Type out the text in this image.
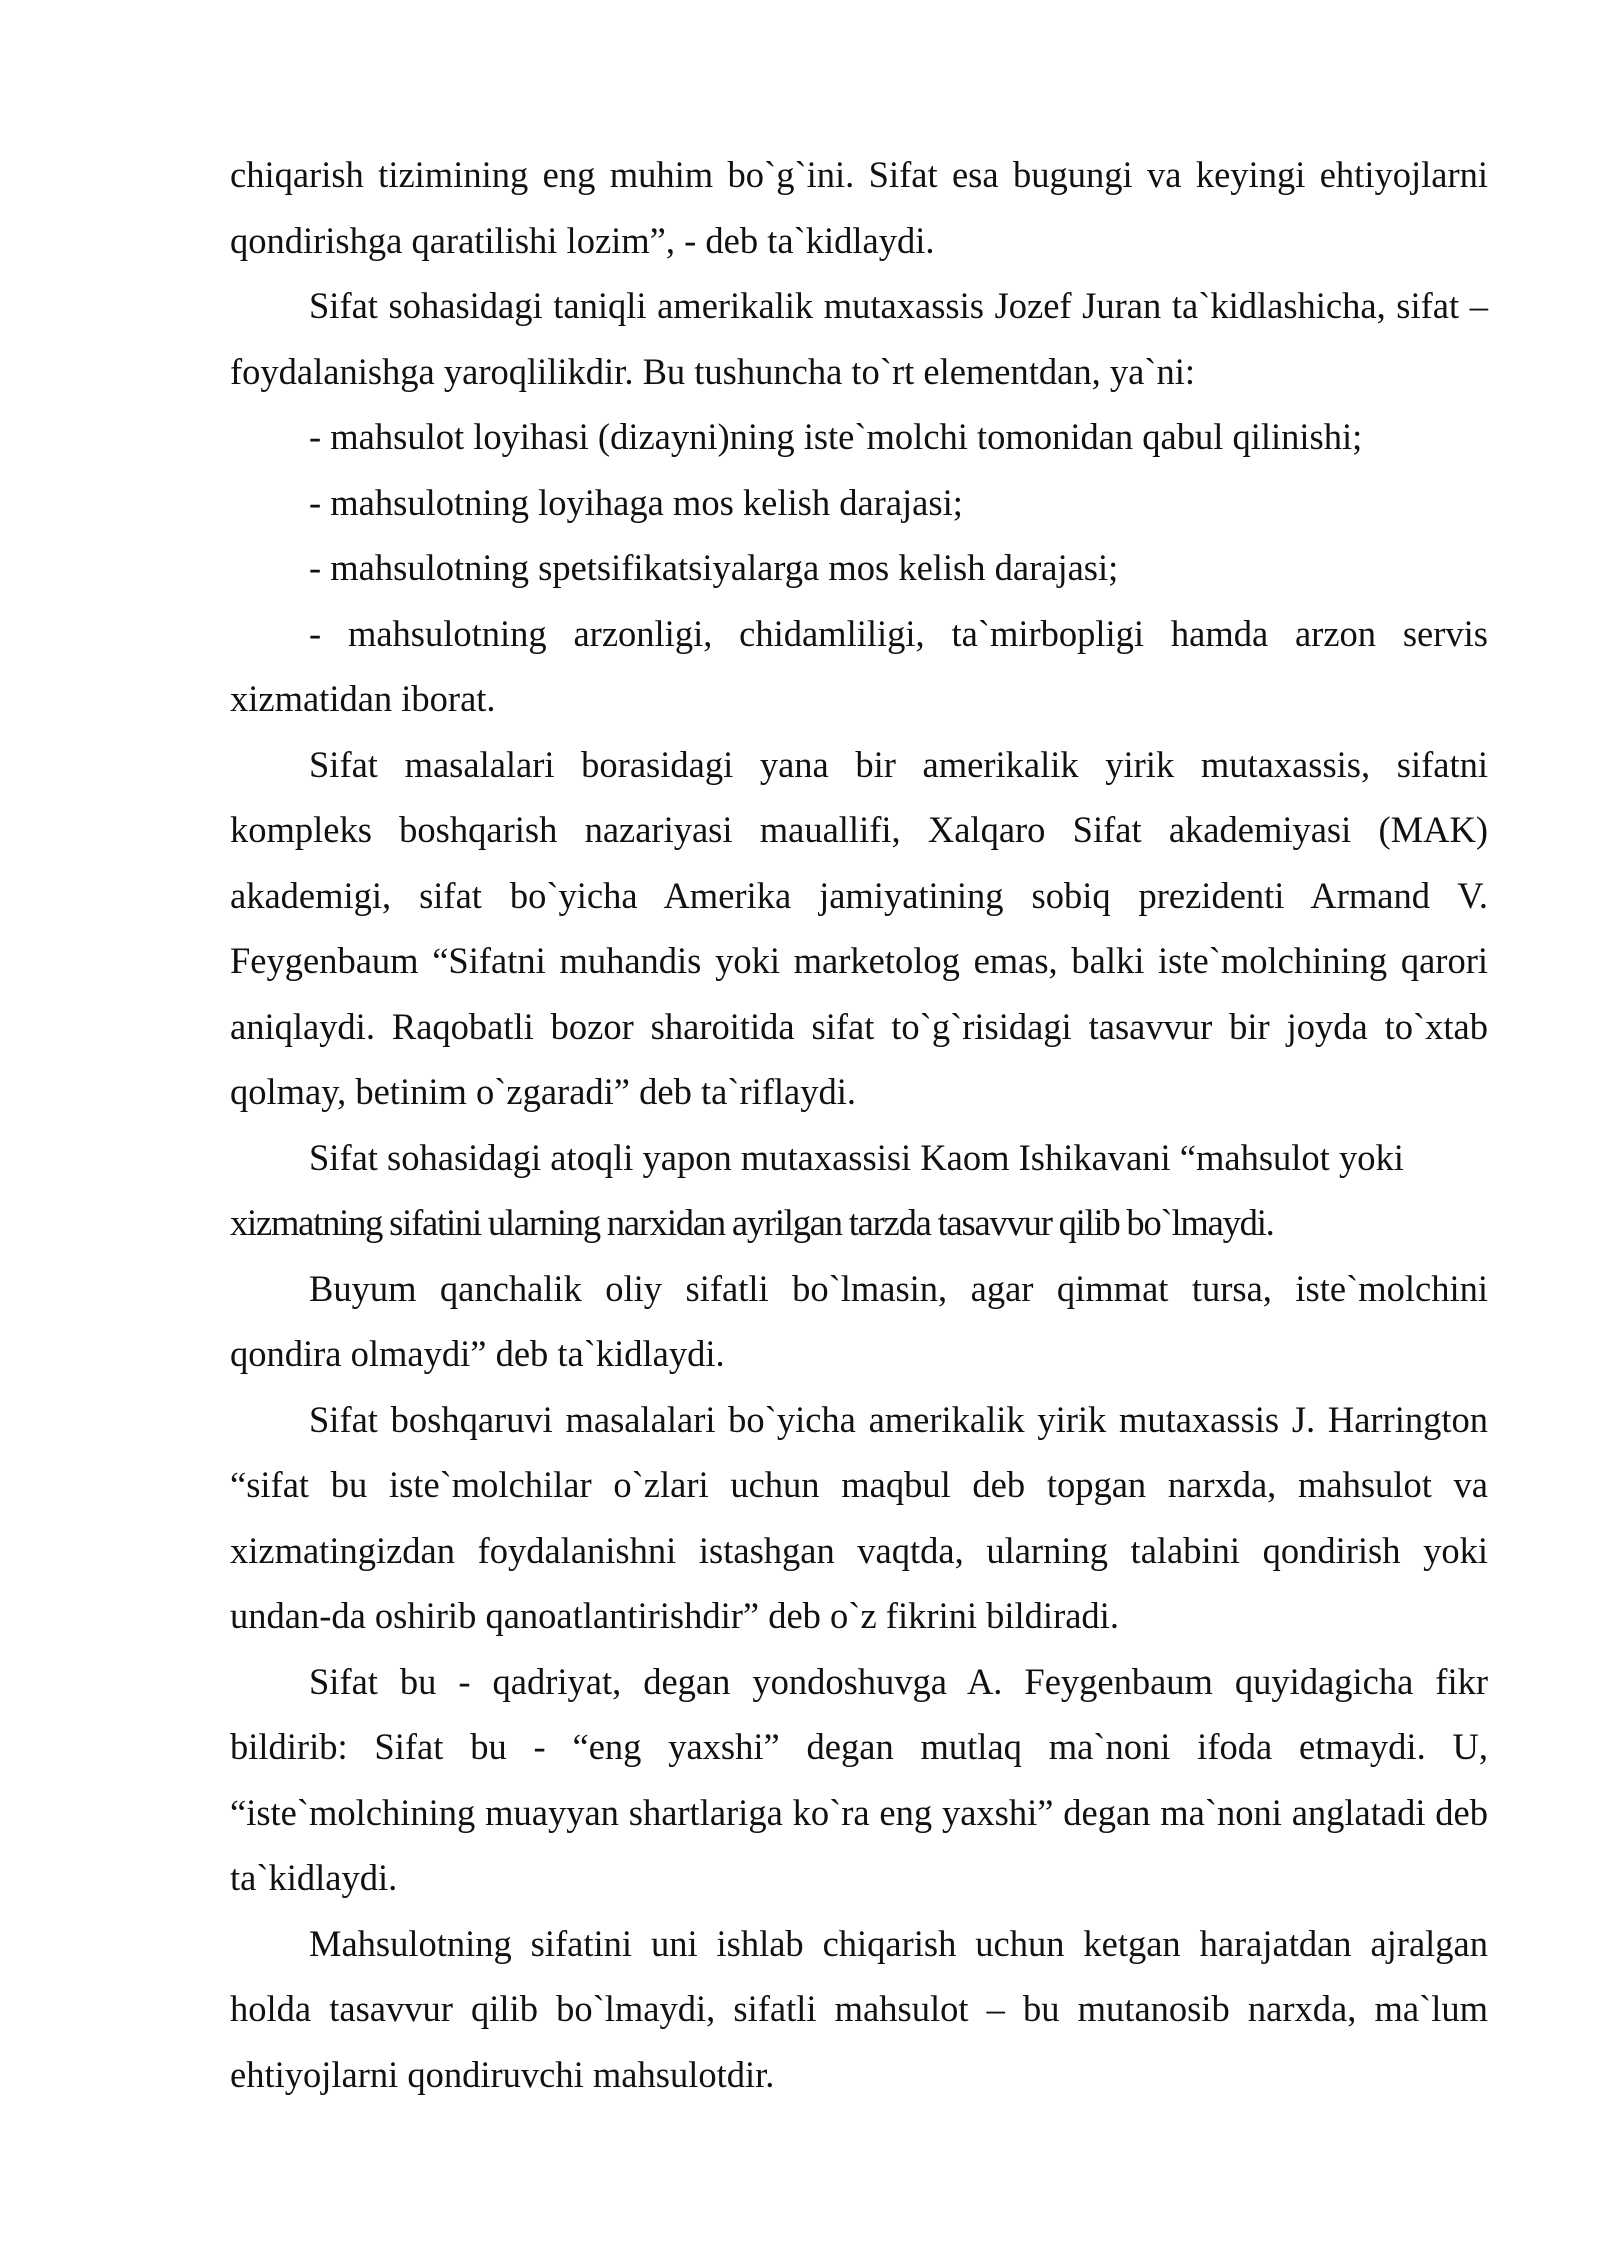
chiqarish tizimining eng muhim bo`g`ini. Sifat esa bugungi va keyingi ehtiyojlarni qondirishga qaratilishi lozim”, - deb ta`kidlaydi.

Sifat sohasidagi taniqli amerikalik mutaxassis Jozef Juran ta`kidlashicha, sifat – foydalanishga yaroqlilikdir. Bu tushuncha to`rt elementdan, ya`ni:

- mahsulot loyihasi (dizayni)ning iste`molchi tomonidan qabul qilinishi;

- mahsulotning loyihaga mos kelish darajasi;

- mahsulotning spetsifikatsiyalarga mos kelish darajasi;

- mahsulotning arzonligi, chidamliligi, ta`mirbopligi hamda arzon servis xizmatidan iborat.

Sifat masalalari borasidagi yana bir amerikalik yirik mutaxassis, sifatni kompleks boshqarish nazariyasi mauallifi, Xalqaro Sifat akademiyasi (MAK) akademigi, sifat bo`yicha Amerika jamiyatining sobiq prezidenti Armand V. Feygenbaum “Sifatni muhandis yoki marketolog emas, balki iste`molchining qarori aniqlaydi. Raqobatli bozor sharoitida sifat to`g`risidagi tasavvur bir joyda to`xtab qolmay, betinim o`zgaradi” deb ta`riflaydi.

Sifat sohasidagi atoqli yapon mutaxassisi Kaom Ishikavani “mahsulot yoki

xizmatning sifatini ularning narxidan ayrilgan tarzda tasavvur qilib bo`lmaydi.

Buyum qanchalik oliy sifatli bo`lmasin, agar qimmat tursa, iste`molchini qondira olmaydi” deb ta`kidlaydi.

Sifat boshqaruvi masalalari bo`yicha amerikalik yirik mutaxassis J. Harrington “sifat bu iste`molchilar o`zlari uchun maqbul deb topgan narxda, mahsulot va xizmatingizdan foydalanishni istashgan vaqtda, ularning talabini qondirish yoki undan-da oshirib qanoatlantirishdir” deb o`z fikrini bildiradi.

Sifat bu - qadriyat, degan yondoshuvga A. Feygenbaum quyidagicha fikr bildirib: Sifat bu - “eng yaxshi” degan mutlaq ma`noni ifoda etmaydi. U, “iste`molchining muayyan shartlariga ko`ra eng yaxshi” degan ma`noni anglatadi deb ta`kidlaydi.

Mahsulotning sifatini uni ishlab chiqarish uchun ketgan harajatdan ajralgan holda tasavvur qilib bo`lmaydi, sifatli mahsulot – bu mutanosib narxda, ma`lum ehtiyojlarni qondiruvchi mahsulotdir.
